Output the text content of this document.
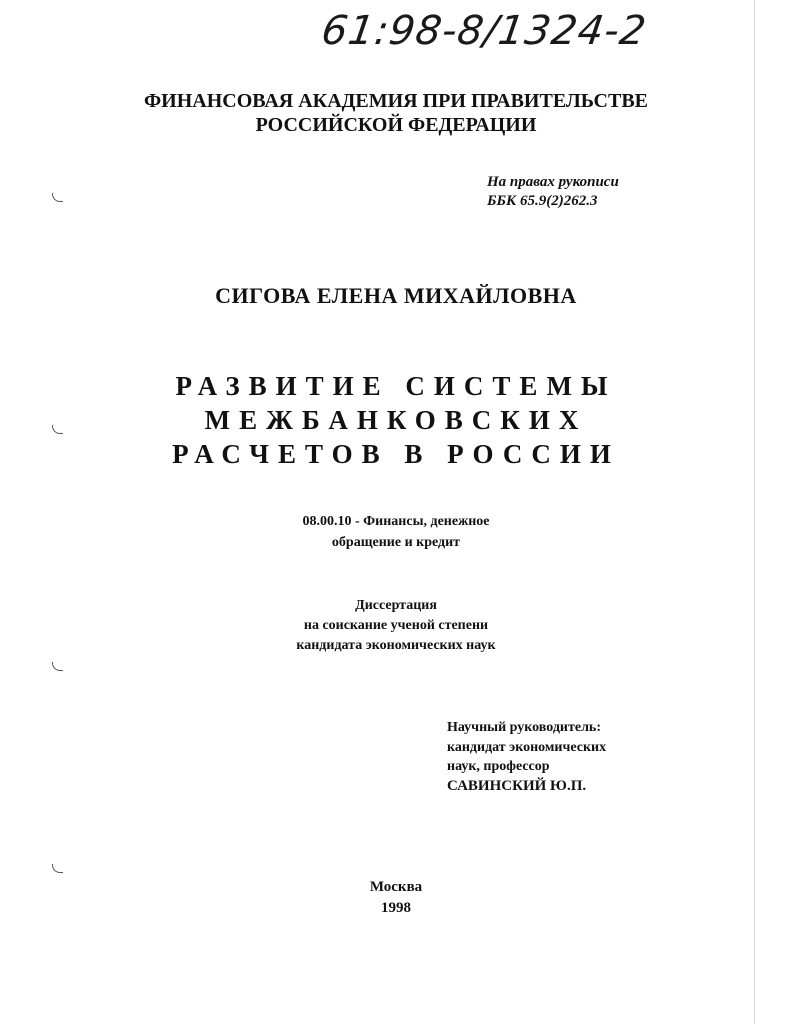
61:98-8/1324-2
ФИНАНСОВАЯ АКАДЕМИЯ ПРИ ПРАВИТЕЛЬСТВЕ
РОССИЙСКОЙ ФЕДЕРАЦИИ
На правах рукописи
ББК 65.9(2)262.3
СИГОВА ЕЛЕНА МИХАЙЛОВНА
РАЗВИТИЕ СИСТЕМЫ
МЕЖБАНКОВСКИХ
РАСЧЕТОВ В РОССИИ
08.00.10 - Финансы, денежное
обращение и кредит
Диссертация
на соискание ученой степени
кандидата экономических наук
Научный руководитель:
кандидат экономических
наук, профессор
САВИНСКИЙ Ю.П.
Москва
1998
